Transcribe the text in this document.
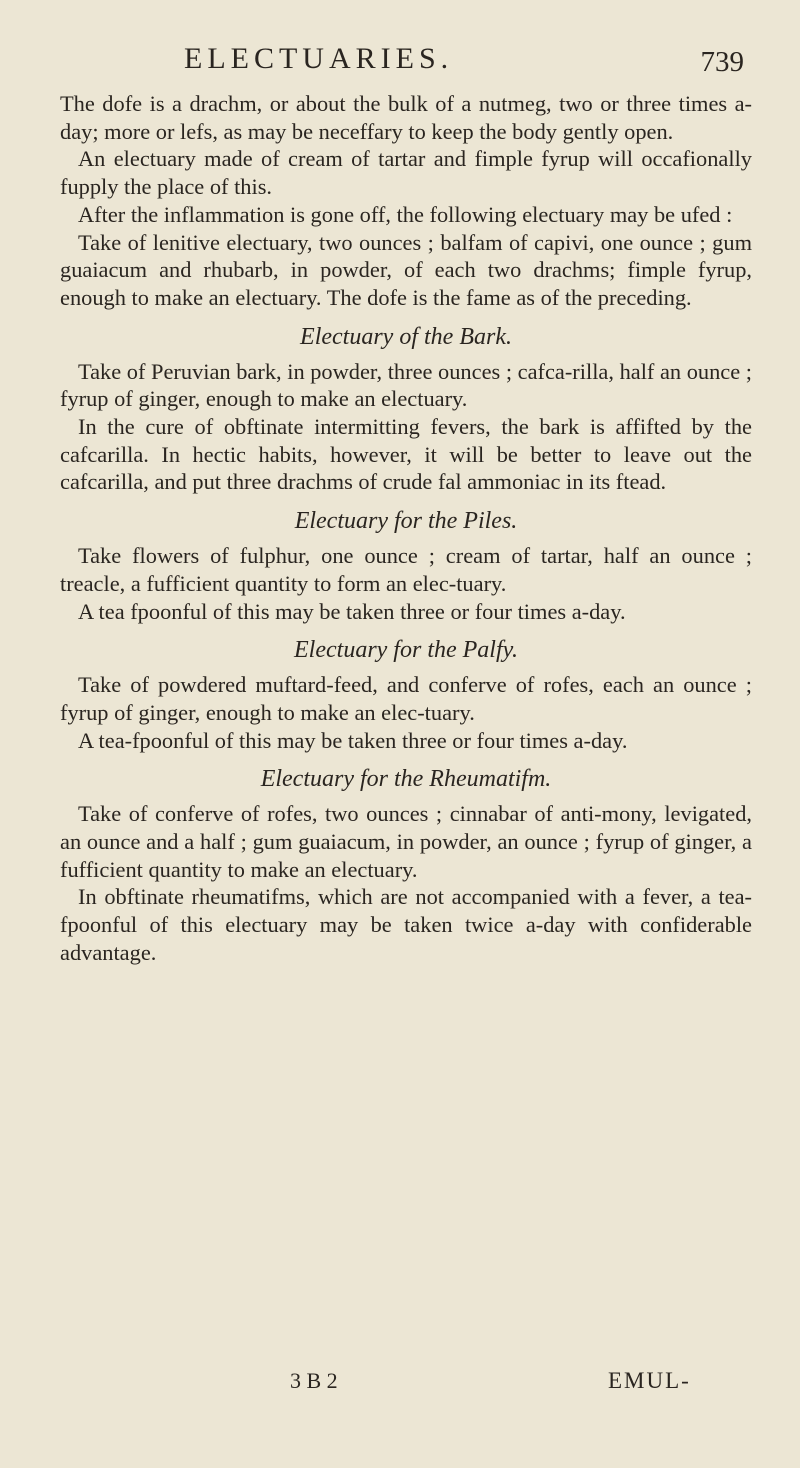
ELECTUARIES.	739

The dofe is a drachm, or about the bulk of a nutmeg, two or three times a-day; more or lefs, as may be neceffary to keep the body gently open.

An electuary made of cream of tartar and fimple fyrup will occafionally fupply the place of this.

After the inflammation is gone off, the following electuary may be ufed :

Take of lenitive electuary, two ounces ; balfam of capivi, one ounce ; gum guaiacum and rhubarb, in powder, of each two drachms; fimple fyrup, enough to make an electuary. The dofe is the fame as of the preceding.

Electuary of the Bark.

Take of Peruvian bark, in powder, three ounces ; cafca-rilla, half an ounce ; fyrup of ginger, enough to make an electuary.

In the cure of obftinate intermitting fevers, the bark is affifted by the cafcarilla. In hectic habits, however, it will be better to leave out the cafcarilla, and put three drachms of crude fal ammoniac in its ftead.

Electuary for the Piles.

Take flowers of fulphur, one ounce ; cream of tartar, half an ounce ; treacle, a fufficient quantity to form an elec-tuary.

A tea fpoonful of this may be taken three or four times a-day.

Electuary for the Palfy.

Take of powdered muftard-feed, and conferve of rofes, each an ounce ; fyrup of ginger, enough to make an elec-tuary.

A tea-fpoonful of this may be taken three or four times a-day.

Electuary for the Rheumatifm.

Take of conferve of rofes, two ounces ; cinnabar of anti-mony, levigated, an ounce and a half ; gum guaiacum, in powder, an ounce ; fyrup of ginger, a fufficient quantity to make an electuary.

In obftinate rheumatifms, which are not accompanied with a fever, a tea-fpoonful of this electuary may be taken twice a-day with confiderable advantage.

3 B 2	EMUL-
